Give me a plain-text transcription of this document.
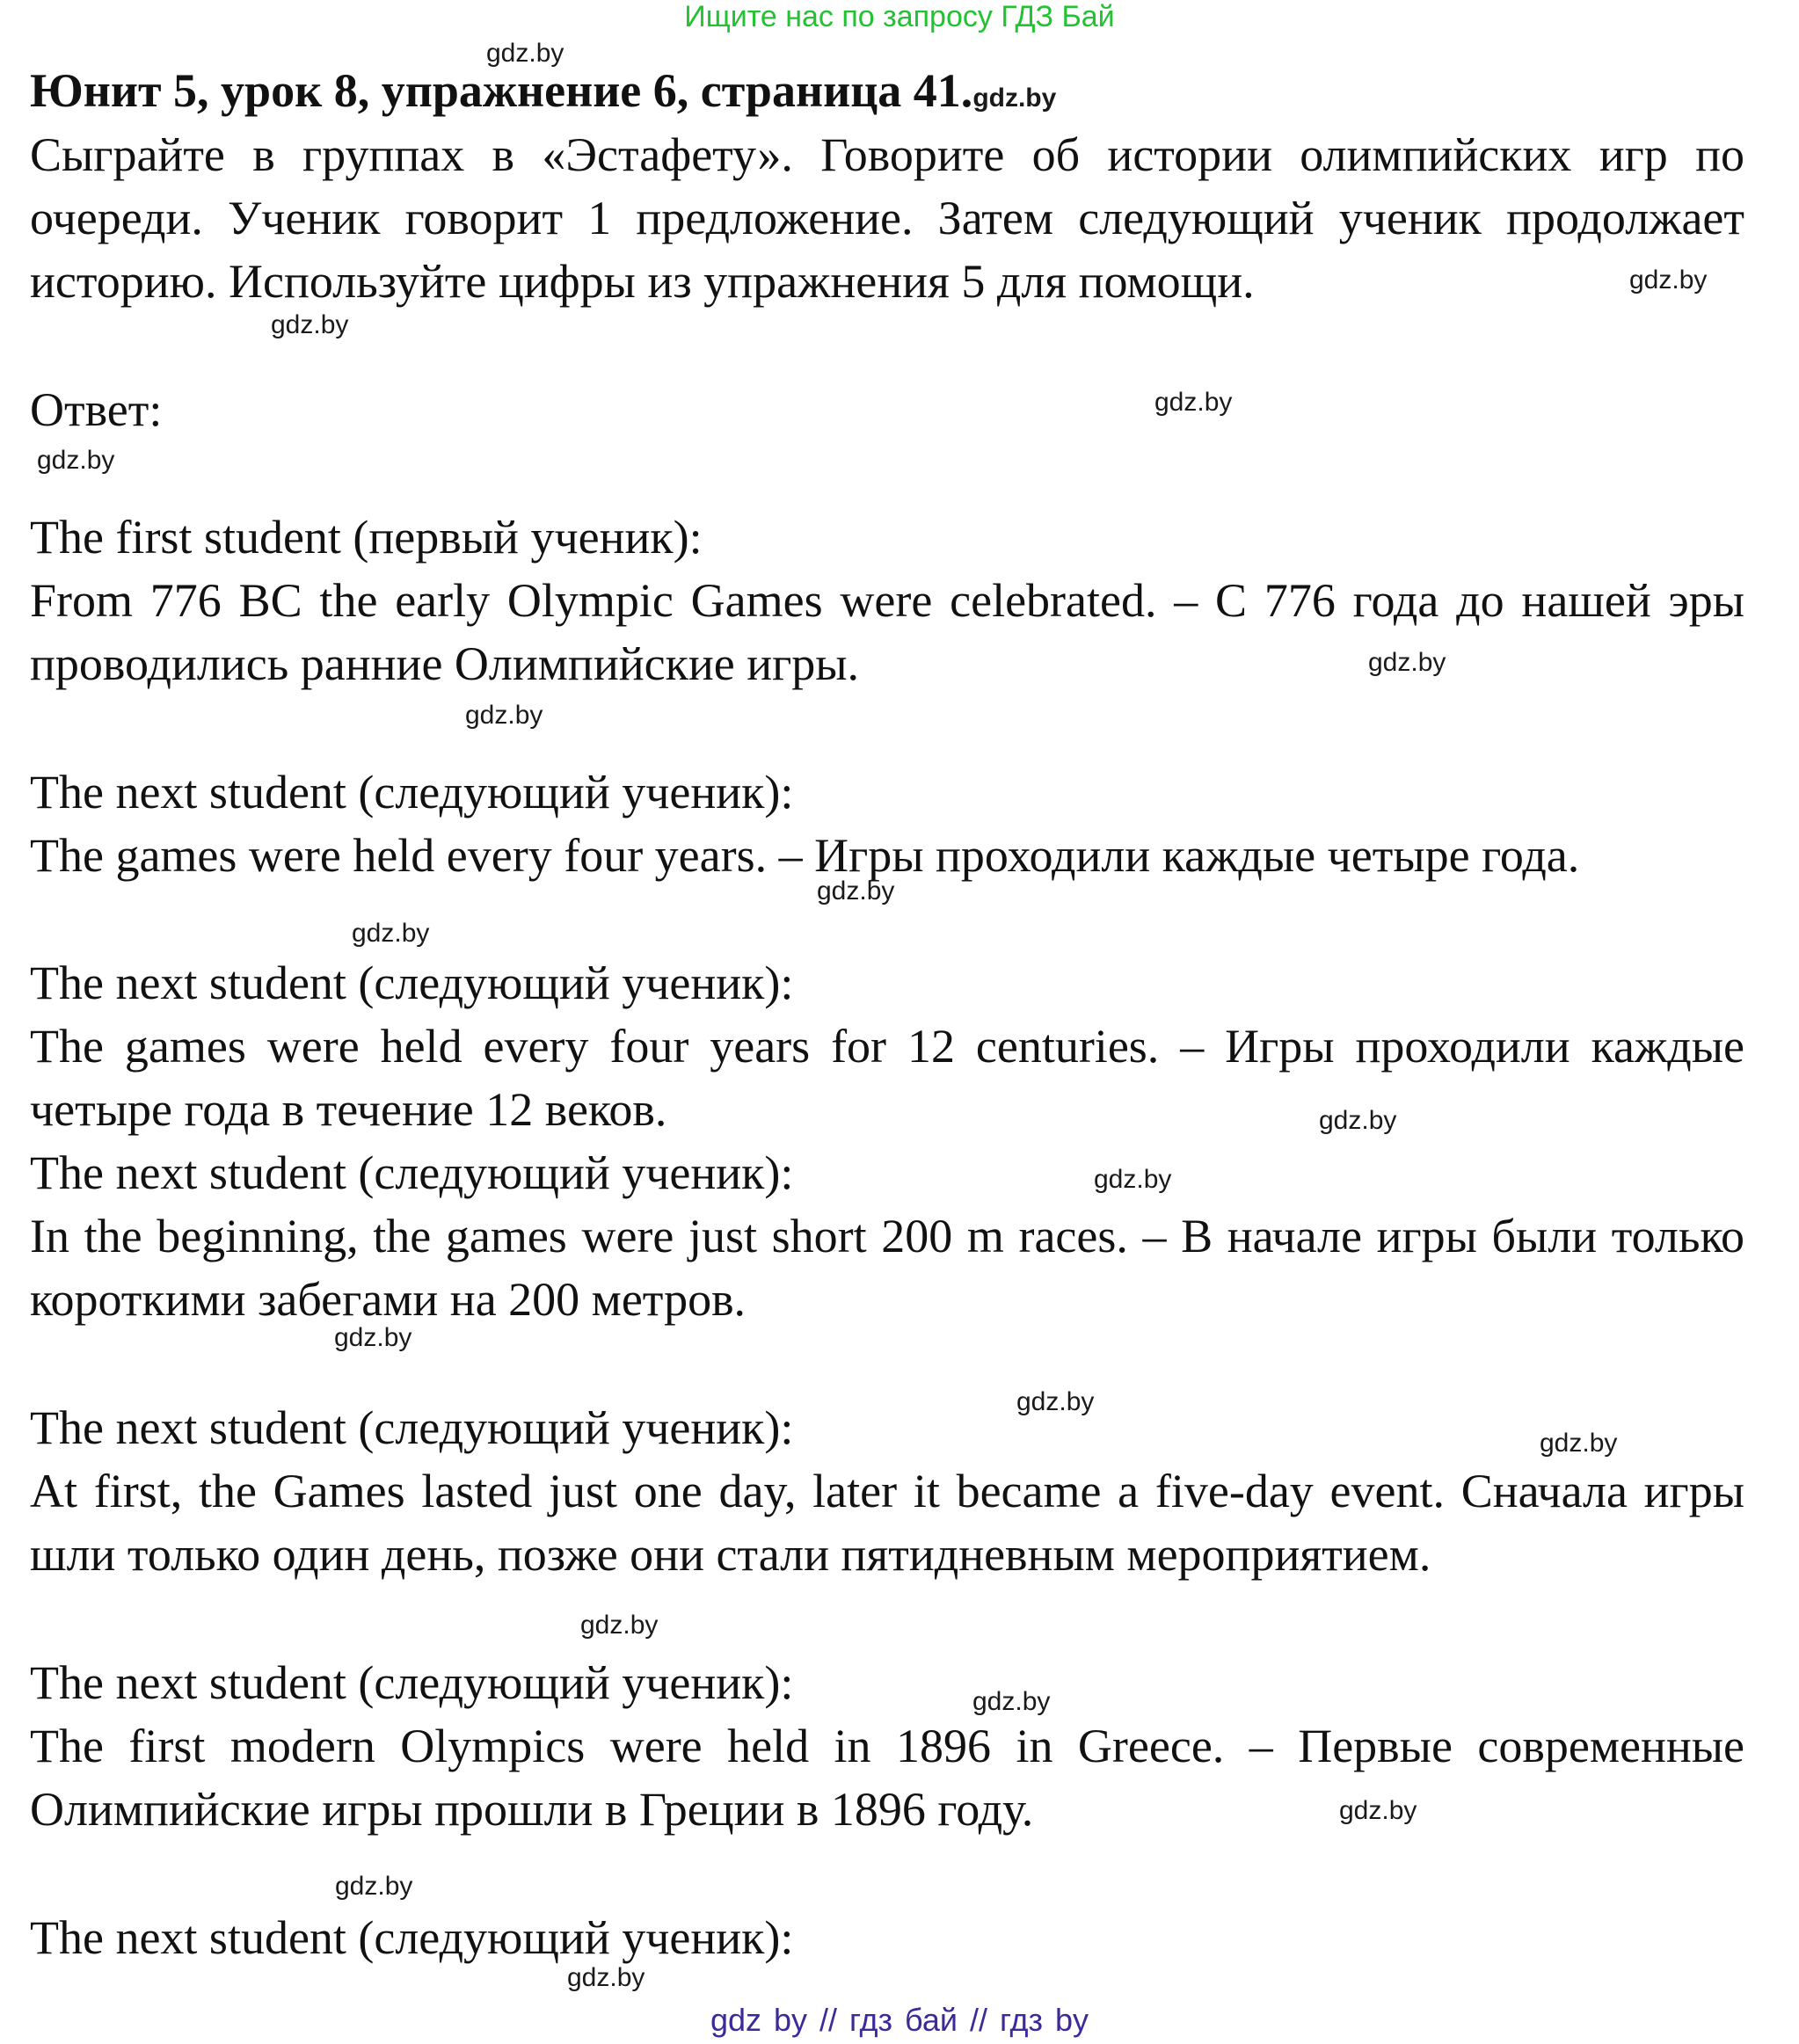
Ищите нас по запросу ГДЗ Бай
Юнит 5, урок 8, упражнение 6, страница 41.gdz.by
Сыграйте в группах в «Эстафету». Говорите об истории олимпийских игр по очереди. Ученик говорит 1 предложение. Затем следующий ученик продолжает историю. Используйте цифры из упражнения 5 для помощи.
Ответ:
The first student (первый ученик):
From 776 BC the early Olympic Games were celebrated. – С 776 года до нашей эры проводились ранние Олимпийские игры.
The next student (следующий ученик):
The games were held every four years. – Игры проходили каждые четыре года.
The next student (следующий ученик):
The games were held every four years for 12 centuries. – Игры проходили каждые четыре года в течение 12 веков.
The next student (следующий ученик):
In the beginning, the games were just short 200 m races. – В начале игры были только короткими забегами на 200 метров.
The next student (следующий ученик):
At first, the Games lasted just one day, later it became a five-day event. Сначала игры шли только один день, позже они стали пятидневным мероприятием.
The next student (следующий ученик):
The first modern Olympics were held in 1896 in Greece. – Первые современные Олимпийские игры прошли в Греции в 1896 году.
The next student (следующий ученик):
gdz.by
gdz.by
gdz.by
gdz.by
gdz.by
gdz.by
gdz.by
gdz.by
gdz.by
gdz.by
gdz.by
gdz.by
gdz.by
gdz.by
gdz.by
gdz.by
gdz.by
gdz.by
gdz.by
gdz by // гдз бай // гдз by
